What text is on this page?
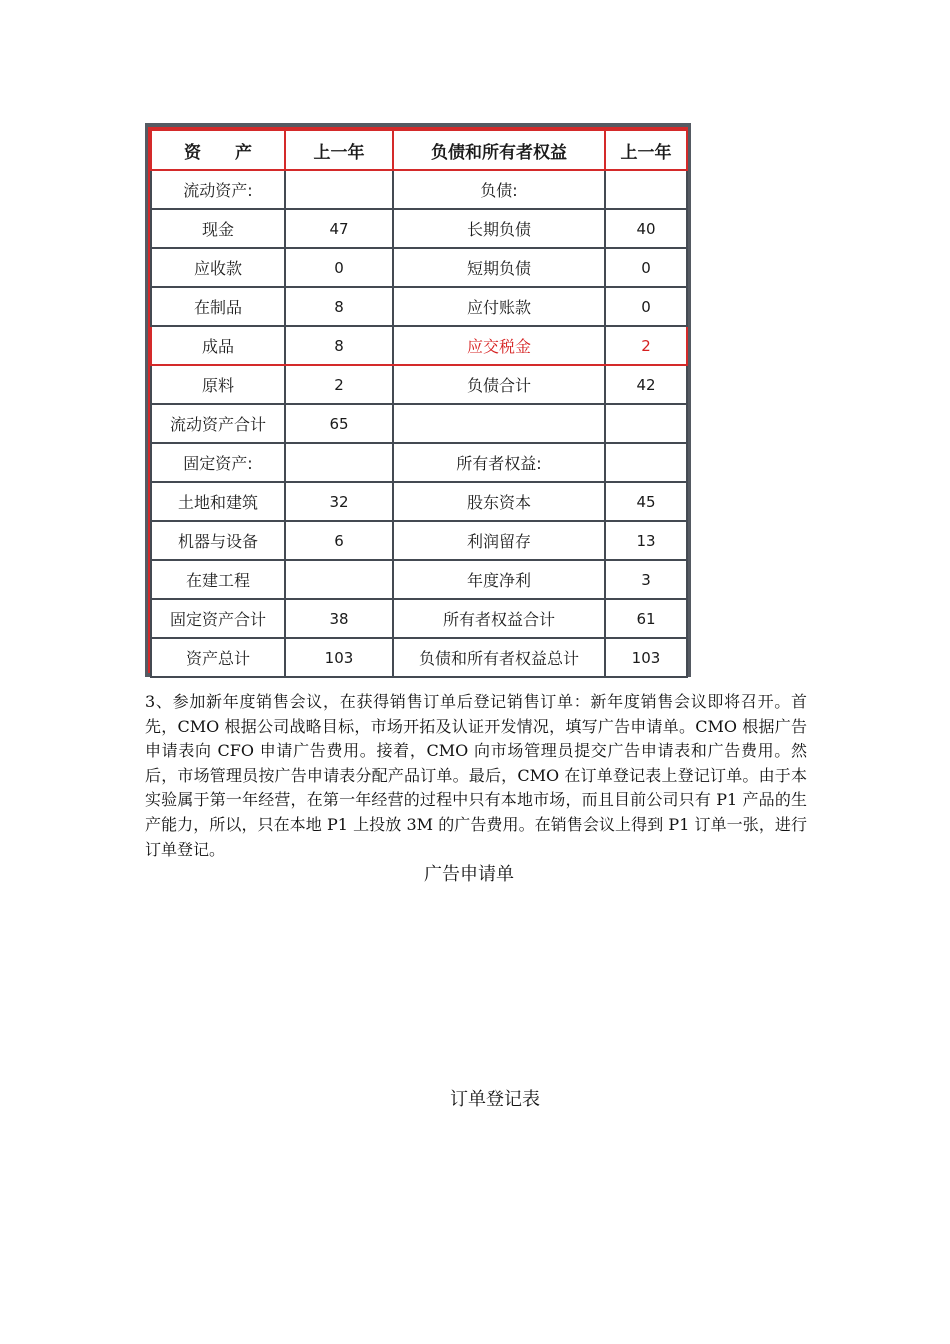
资　　产	上一年	负债和所有者权益	上一年
流动资产:		负债:	
现金	47	长期负债	40
应收款	0	短期负债	0
在制品	8	应付账款	0
成品	8	应交税金	2
原料	2	负债合计	42
流动资产合计	65		
固定资产:		所有者权益:	
土地和建筑	32	股东资本	45
机器与设备	6	利润留存	13
在建工程		年度净利	3
固定资产合计	38	所有者权益合计	61
资产总计	103	负债和所有者权益总计	103

3、参加新年度销售会议，在获得销售订单后登记销售订单：新年度销售会议即将召开。首先，CMO 根据公司战略目标，市场开拓及认证开发情况，填写广告申请单。CMO 根据广告申请表向 CFO 申请广告费用。接着，CMO 向市场管理员提交广告申请表和广告费用。然后，市场管理员按广告申请表分配产品订单。最后，CMO 在订单登记表上登记订单。由于本实验属于第一年经营，在第一年经营的过程中只有本地市场，而且目前公司只有 P1 产品的生产能力，所以，只在本地 P1 上投放 3M 的广告费用。在销售会议上得到 P1 订单一张，进行订单登记。

广告申请单

订单登记表
